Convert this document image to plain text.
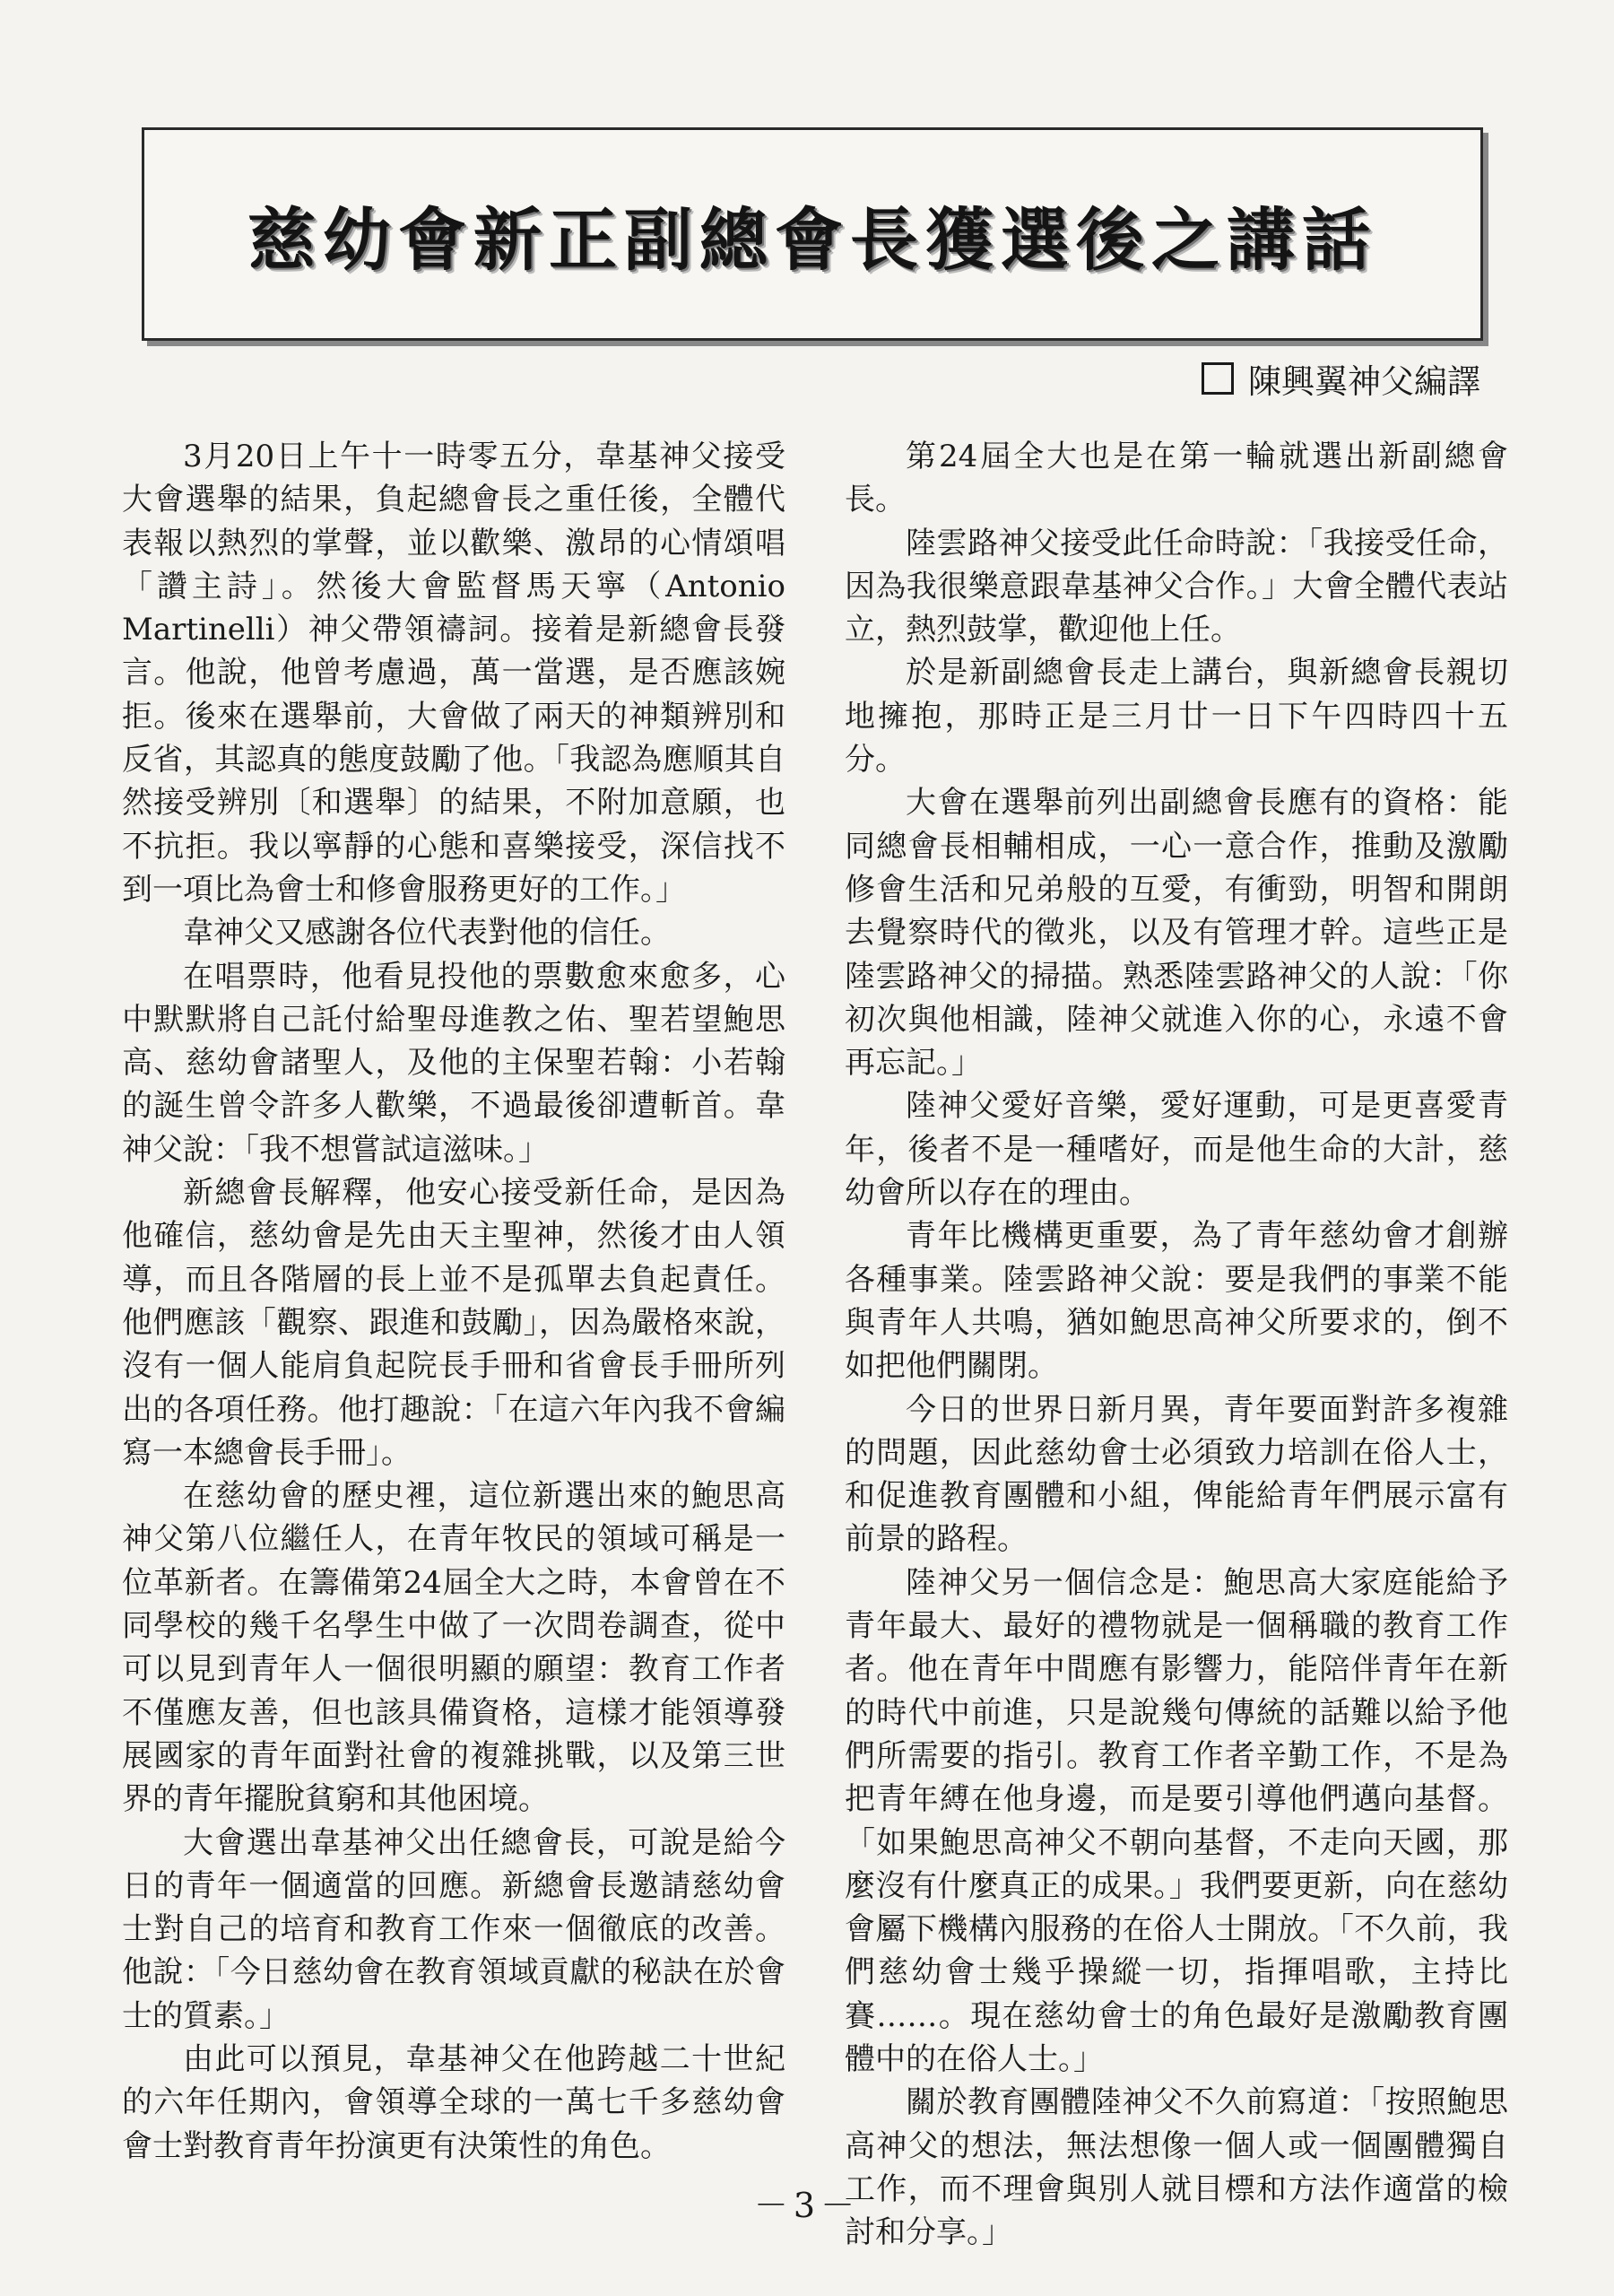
慈幼會新正副總會長獲選後之講話
陳興翼神父編譯

3月20日上午十一時零五分，韋基神父接受大會選舉的結果，負起總會長之重任後，全體代表報以熱烈的掌聲，並以歡樂、激昂的心情頌唱「讚主詩」。然後大會監督馬天寧（Antonio Martinelli）神父帶領禱詞。接着是新總會長發言。他說，他曾考慮過，萬一當選，是否應該婉拒。後來在選舉前，大會做了兩天的神類辨別和反省，其認真的態度鼓勵了他。「我認為應順其自然接受辨別〔和選舉〕的結果，不附加意願，也不抗拒。我以寧靜的心態和喜樂接受，深信找不到一項比為會士和修會服務更好的工作。」

韋神父又感謝各位代表對他的信任。

在唱票時，他看見投他的票數愈來愈多，心中默默將自己託付給聖母進教之佑、聖若望鮑思高、慈幼會諸聖人，及他的主保聖若翰：小若翰的誕生曾令許多人歡樂，不過最後卻遭斬首。韋神父說：「我不想嘗試這滋味。」

新總會長解釋，他安心接受新任命，是因為他確信，慈幼會是先由天主聖神，然後才由人領導，而且各階層的長上並不是孤單去負起責任。他們應該「觀察、跟進和鼓勵」，因為嚴格來說，沒有一個人能肩負起院長手冊和省會長手冊所列出的各項任務。他打趣說：「在這六年內我不會編寫一本總會長手冊」。

在慈幼會的歷史裡，這位新選出來的鮑思高神父第八位繼任人，在青年牧民的領域可稱是一位革新者。在籌備第24屆全大之時，本會曾在不同學校的幾千名學生中做了一次問卷調查，從中可以見到青年人一個很明顯的願望：教育工作者不僅應友善，但也該具備資格，這樣才能領導發展國家的青年面對社會的複雜挑戰，以及第三世界的青年擺脫貧窮和其他困境。

大會選出韋基神父出任總會長，可說是給今日的青年一個適當的回應。新總會長邀請慈幼會士對自己的培育和教育工作來一個徹底的改善。他說：「今日慈幼會在教育領域貢獻的秘訣在於會士的質素。」

由此可以預見，韋基神父在他跨越二十世紀的六年任期內，會領導全球的一萬七千多慈幼會會士對教育青年扮演更有決策性的角色。

第24屆全大也是在第一輪就選出新副總會長。

陸雲路神父接受此任命時說：「我接受任命，因為我很樂意跟韋基神父合作。」大會全體代表站立，熱烈鼓掌，歡迎他上任。

於是新副總會長走上講台，與新總會長親切地擁抱，那時正是三月廿一日下午四時四十五分。

大會在選舉前列出副總會長應有的資格：能同總會長相輔相成，一心一意合作，推動及激勵修會生活和兄弟般的互愛，有衝勁，明智和開朗去覺察時代的徵兆，以及有管理才幹。這些正是陸雲路神父的掃描。熟悉陸雲路神父的人說：「你初次與他相識，陸神父就進入你的心，永遠不會再忘記。」

陸神父愛好音樂，愛好運動，可是更喜愛青年，後者不是一種嗜好，而是他生命的大計，慈幼會所以存在的理由。

青年比機構更重要，為了青年慈幼會才創辦各種事業。陸雲路神父說：要是我們的事業不能與青年人共鳴，猶如鮑思高神父所要求的，倒不如把他們關閉。

今日的世界日新月異，青年要面對許多複雜的問題，因此慈幼會士必須致力培訓在俗人士，和促進教育團體和小組，俾能給青年們展示富有前景的路程。

陸神父另一個信念是：鮑思高大家庭能給予青年最大、最好的禮物就是一個稱職的教育工作者。他在青年中間應有影響力，能陪伴青年在新的時代中前進，只是說幾句傳統的話難以給予他們所需要的指引。教育工作者辛勤工作，不是為把青年縛在他身邊，而是要引導他們邁向基督。「如果鮑思高神父不朝向基督，不走向天國，那麼沒有什麼真正的成果。」我們要更新，向在慈幼會屬下機構內服務的在俗人士開放。「不久前，我們慈幼會士幾乎操縱一切，指揮唱歌，主持比賽……。現在慈幼會士的角色最好是激勵教育團體中的在俗人士。」

關於教育團體陸神父不久前寫道：「按照鮑思高神父的想法，無法想像一個人或一個團體獨自工作，而不理會與別人就目標和方法作適當的檢討和分享。」

－3－
